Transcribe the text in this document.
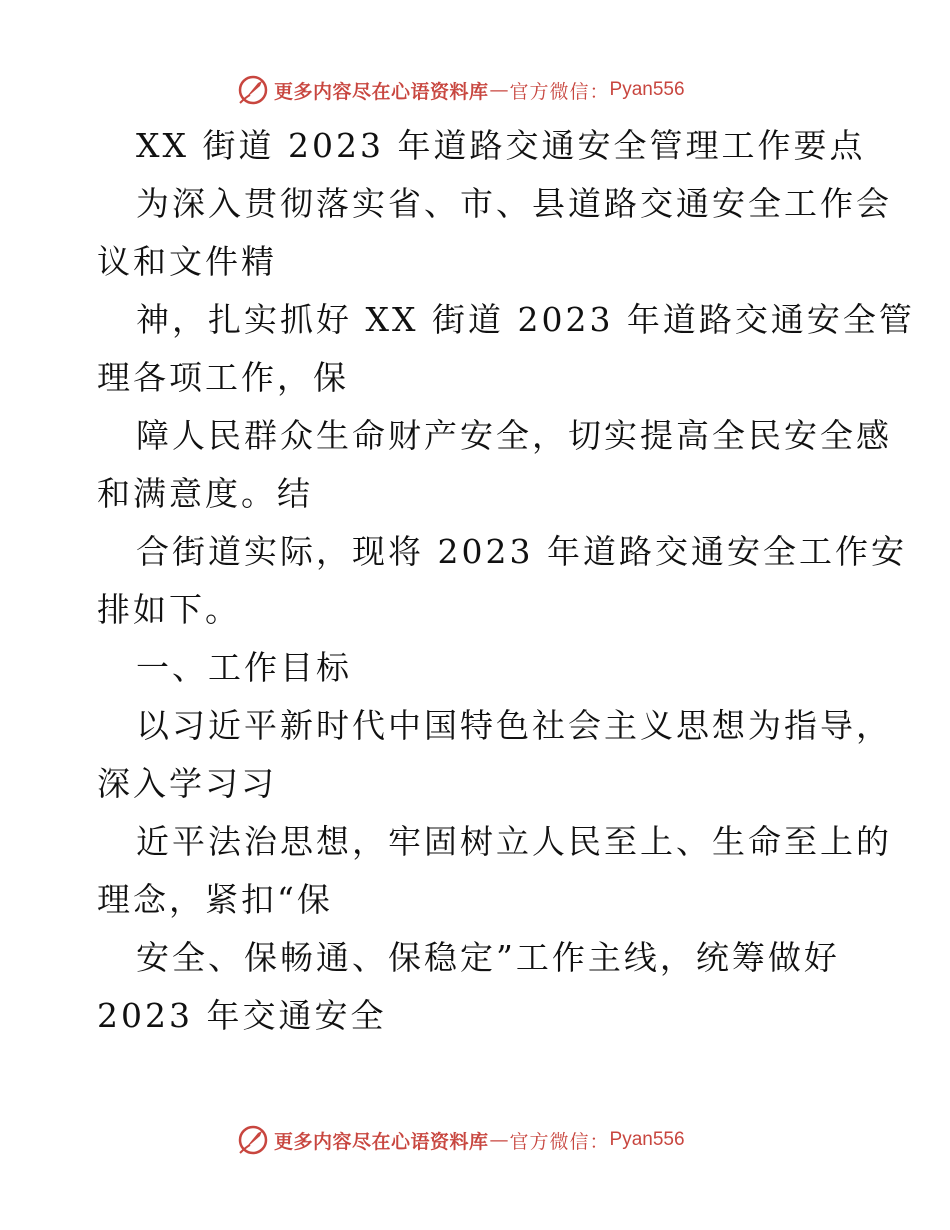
更多内容尽在心语资料库 — 官方微信： Pyan556
XX 街道 2023 年道路交通安全管理工作要点
为深入贯彻落实省、市、县道路交通安全工作会
议和文件精
神，扎实抓好 XX 街道 2023 年道路交通安全管
理各项工作，保
障人民群众生命财产安全，切实提高全民安全感
和满意度。结
合街道实际，现将 2023 年道路交通安全工作安
排如下。
一、工作目标
以习近平新时代中国特色社会主义思想为指导，
深入学习习
近平法治思想，牢固树立人民至上、生命至上的
理念，紧扣“保
安全、保畅通、保稳定”工作主线，统筹做好
2023 年交通安全
更多内容尽在心语资料库 — 官方微信： Pyan556
